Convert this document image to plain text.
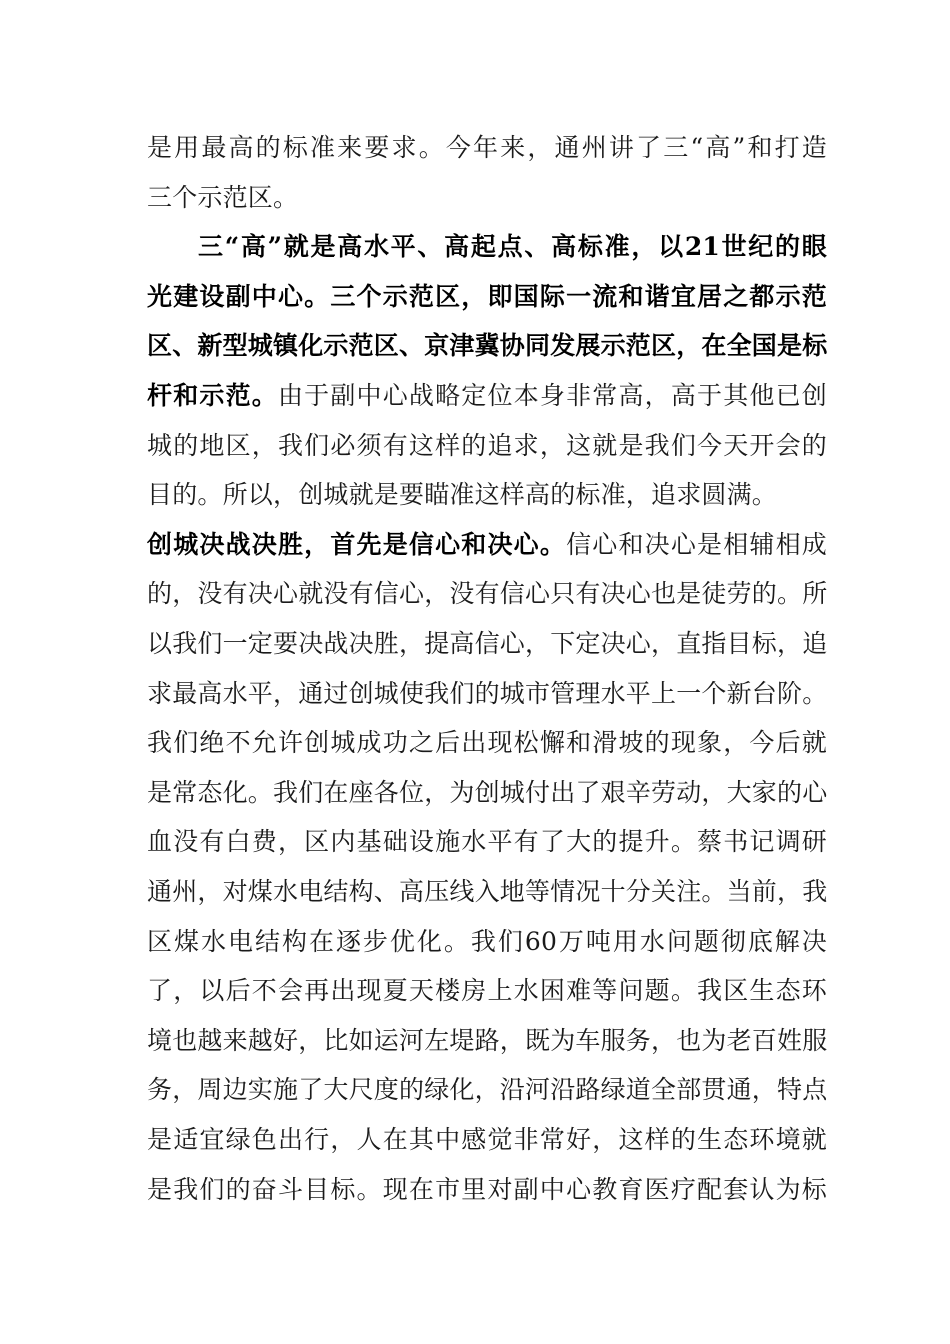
是用最高的标准来要求。今年来，通州讲了三“高”和打造
三个示范区。
三“高”就是高水平、高起点、高标准，以21世纪的眼
光建设副中心。三个示范区，即国际一流和谐宜居之都示范
区、新型城镇化示范区、京津冀协同发展示范区，在全国是标
杆和示范。由于副中心战略定位本身非常高，高于其他已创
城的地区，我们必须有这样的追求，这就是我们今天开会的
目的。所以，创城就是要瞄准这样高的标准，追求圆满。
创城决战决胜，首先是信心和决心。信心和决心是相辅相成
的，没有决心就没有信心，没有信心只有决心也是徒劳的。所
以我们一定要决战决胜，提高信心，下定决心，直指目标，追
求最高水平，通过创城使我们的城市管理水平上一个新台阶。
我们绝不允许创城成功之后出现松懈和滑坡的现象，今后就
是常态化。我们在座各位，为创城付出了艰辛劳动，大家的心
血没有白费，区内基础设施水平有了大的提升。蔡书记调研
通州，对煤水电结构、高压线入地等情况十分关注。当前，我
区煤水电结构在逐步优化。我们60万吨用水问题彻底解决
了，以后不会再出现夏天楼房上水困难等问题。我区生态环
境也越来越好，比如运河左堤路，既为车服务，也为老百姓服
务，周边实施了大尺度的绿化，沿河沿路绿道全部贯通，特点
是适宜绿色出行，人在其中感觉非常好，这样的生态环境就
是我们的奋斗目标。现在市里对副中心教育医疗配套认为标
